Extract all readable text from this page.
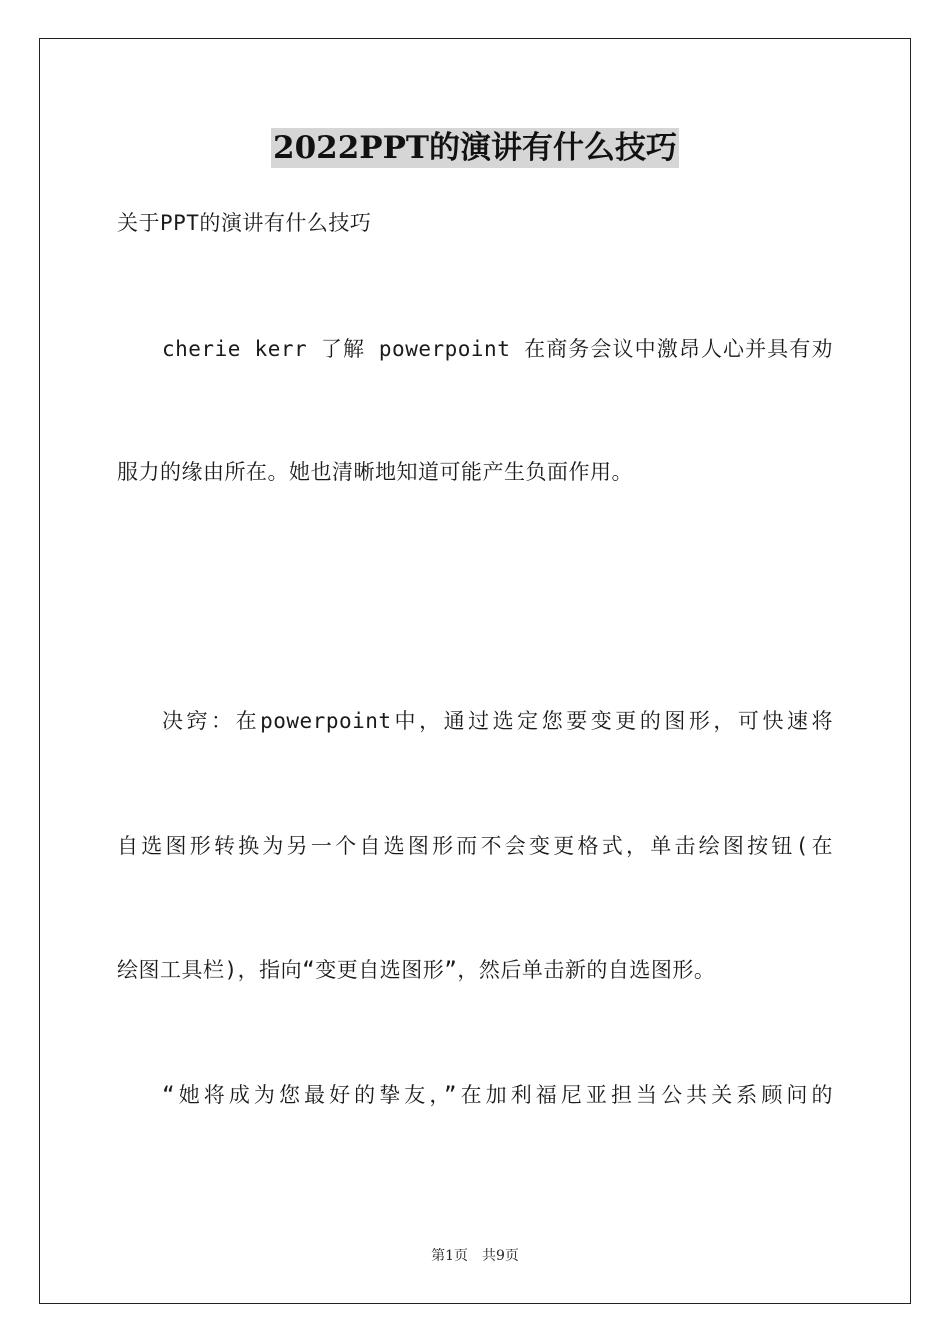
2022PPT的演讲有什么技巧
关于PPT的演讲有什么技巧
cherie kerr 了解 powerpoint 在商务会议中激昂人心并具有劝
服力的缘由所在。她也清晰地知道可能产生负面作用。
决窍：在powerpoint中，通过选定您要变更的图形，可快速将
自选图形转换为另一个自选图形而不会变更格式，单击绘图按钮(在
绘图工具栏)，指向“变更自选图形”，然后单击新的自选图形。
“她将成为您最好的挚友，”在加利福尼亚担当公共关系顾问的
第1页 共9页
